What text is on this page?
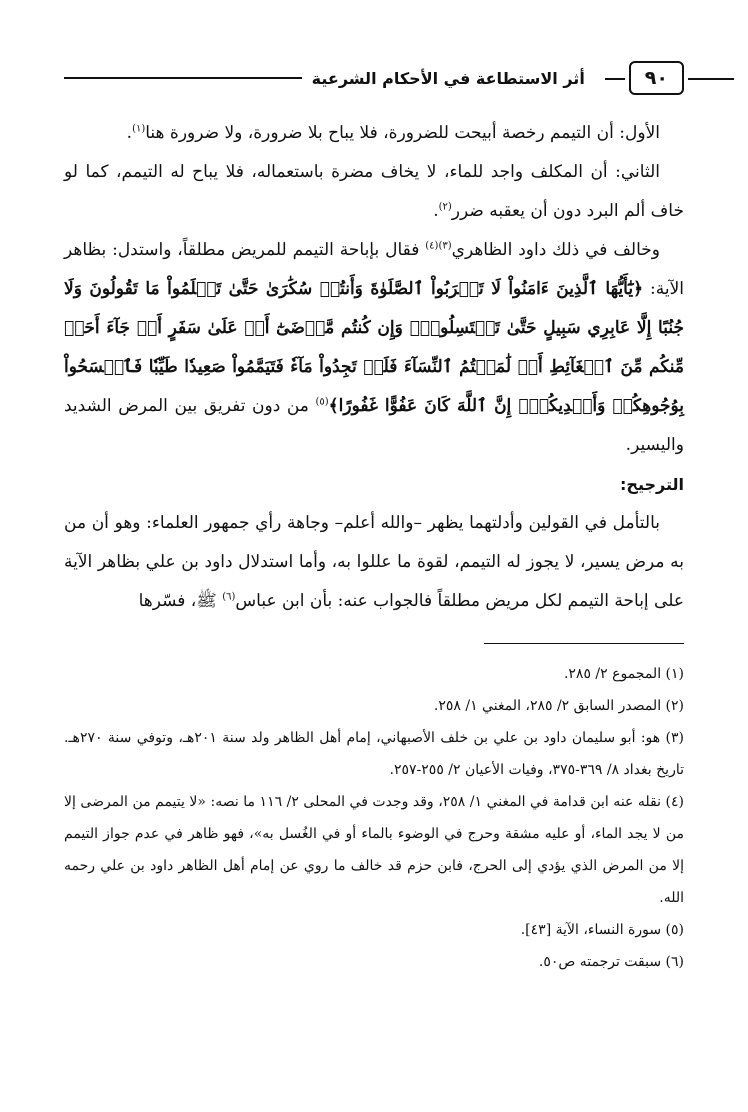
٩٠
أثر الاستطاعة في الأحكام الشرعية

الأول: أن التيمم رخصة أبيحت للضرورة، فلا يباح بلا ضرورة، ولا ضرورة هنا$^{(١)}$.

الثاني: أن المكلف واجد للماء، لا يخاف مضرة باستعماله، فلا يباح له التيمم، كما لو خاف ألم البرد دون أن يعقبه ضرر$^{(٢)}$.

وخالف في ذلك داود الظاهري$^{(٣)(٤)}$ فقال بإباحة التيمم للمريض مطلقاً، واستدل: بظاهر الآية: ﴿يَٰٓأَيُّهَا ٱلَّذِينَ ءَامَنُواْ لَا تَقۡرَبُواْ ٱلصَّلَوٰةَ وَأَنتُمۡ سُكَٰرَىٰ حَتَّىٰ تَعۡلَمُواْ مَا تَقُولُونَ وَلَا جُنُبًا إِلَّا عَابِرِي سَبِيلٍ حَتَّىٰ تَغۡتَسِلُواْۚ وَإِن كُنتُم مَّرۡضَىٰٓ أَوۡ عَلَىٰ سَفَرٍ أَوۡ جَآءَ أَحَدٞ مِّنكُم مِّنَ ٱلۡغَآئِطِ أَوۡ لَٰمَسۡتُمُ ٱلنِّسَآءَ فَلَمۡ تَجِدُواْ مَآءٗ فَتَيَمَّمُواْ صَعِيدٗا طَيِّبٗا فَٱمۡسَحُواْ بِوُجُوهِكُمۡ وَأَيۡدِيكُمۡۗ إِنَّ ٱللَّهَ كَانَ عَفُوًّا غَفُورًا﴾$^{(٥)}$ من دون تفريق بين المرض الشديد واليسير.

الترجيح:

بالتأمل في القولين وأدلتهما يظهر –والله أعلم– وجاهة رأي جمهور العلماء: وهو أن من به مرض يسير، لا يجوز له التيمم، لقوة ما عللوا به، وأما استدلال داود بن علي بظاهر الآية على إباحة التيمم لكل مريض مطلقاً فالجواب عنه: بأن ابن عباس$^{(٦)}$ ﷺ، فسّرها

(١) المجموع ٢/ ٢٨٥.

(٢) المصدر السابق ٢/ ٢٨٥، المغني ١/ ٢٥٨.

(٣) هو: أبو سليمان داود بن علي بن خلف الأصبهاني، إمام أهل الظاهر ولد سنة ٢٠١هـ، وتوفي سنة ٢٧٠هـ. تاريخ بغداد ٨/ ٣٦٩-٣٧٥، وفيات الأعيان ٢/ ٢٥٥-٢٥٧.

(٤) نقله عنه ابن قدامة في المغني ١/ ٢٥٨، وقد وجدت في المحلى ٢/ ١١٦ ما نصه: «لا يتيمم من المرضى إلا من لا يجد الماء، أو عليه مشقة وحرج في الوضوء بالماء أو في الغُسل به»، فهو ظاهر في عدم جواز التيمم إلا من المرض الذي يؤدي إلى الحرج، فابن حزم قد خالف ما روي عن إمام أهل الظاهر داود بن علي رحمه الله.

(٥) سورة النساء، الآية [٤٣].

(٦) سبقت ترجمته ص٥٠.
